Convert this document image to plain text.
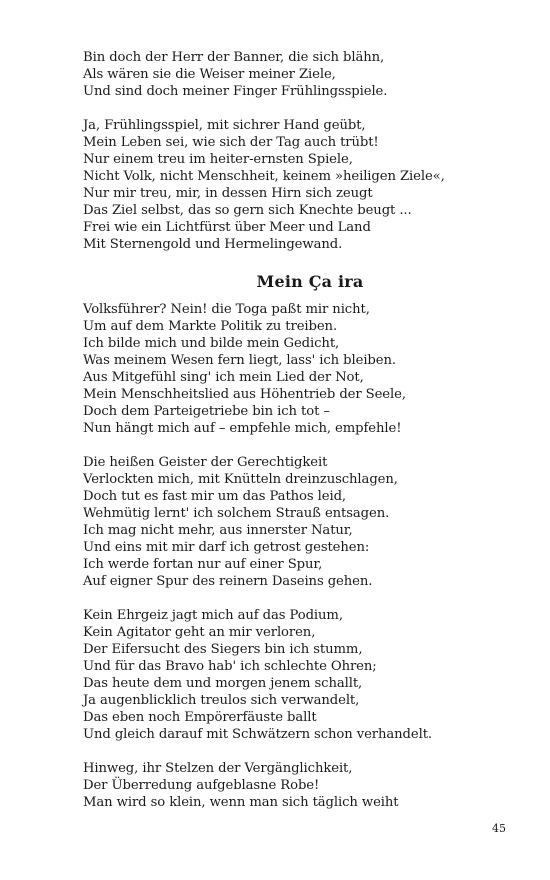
Bin doch der Herr der Banner, die sich blähn,
Als wären sie die Weiser meiner Ziele,
Und sind doch meiner Finger Frühlingsspiele.
Ja, Frühlingsspiel, mit sichrer Hand geübt,
Mein Leben sei, wie sich der Tag auch trübt!
Nur einem treu im heiter-ernsten Spiele,
Nicht Volk, nicht Menschheit, keinem »heiligen Ziele«,
Nur mir treu, mir, in dessen Hirn sich zeugt
Das Ziel selbst, das so gern sich Knechte beugt ...
Frei wie ein Lichtfürst über Meer und Land
Mit Sternengold und Hermelingewand.
Mein Ça ira
Volksführer? Nein! die Toga paßt mir nicht,
Um auf dem Markte Politik zu treiben.
Ich bilde mich und bilde mein Gedicht,
Was meinem Wesen fern liegt, lass' ich bleiben.
Aus Mitgefühl sing' ich mein Lied der Not,
Mein Menschheitslied aus Höhentrieb der Seele,
Doch dem Parteigetriebe bin ich tot –
Nun hängt mich auf – empfehle mich, empfehle!
Die heißen Geister der Gerechtigkeit
Verlockten mich, mit Knütteln dreinzuschlagen,
Doch tut es fast mir um das Pathos leid,
Wehmütig lernt' ich solchem Strauß entsagen.
Ich mag nicht mehr, aus innerster Natur,
Und eins mit mir darf ich getrost gestehen:
Ich werde fortan nur auf einer Spur,
Auf eigner Spur des reinern Daseins gehen.
Kein Ehrgeiz jagt mich auf das Podium,
Kein Agitator geht an mir verloren,
Der Eifersucht des Siegers bin ich stumm,
Und für das Bravo hab' ich schlechte Ohren;
Das heute dem und morgen jenem schallt,
Ja augenblicklich treulos sich verwandelt,
Das eben noch Empörerfäuste ballt
Und gleich darauf mit Schwätzern schon verhandelt.
Hinweg, ihr Stelzen der Vergänglichkeit,
Der Überredung aufgeblasne Robe!
Man wird so klein, wenn man sich täglich weiht
45
